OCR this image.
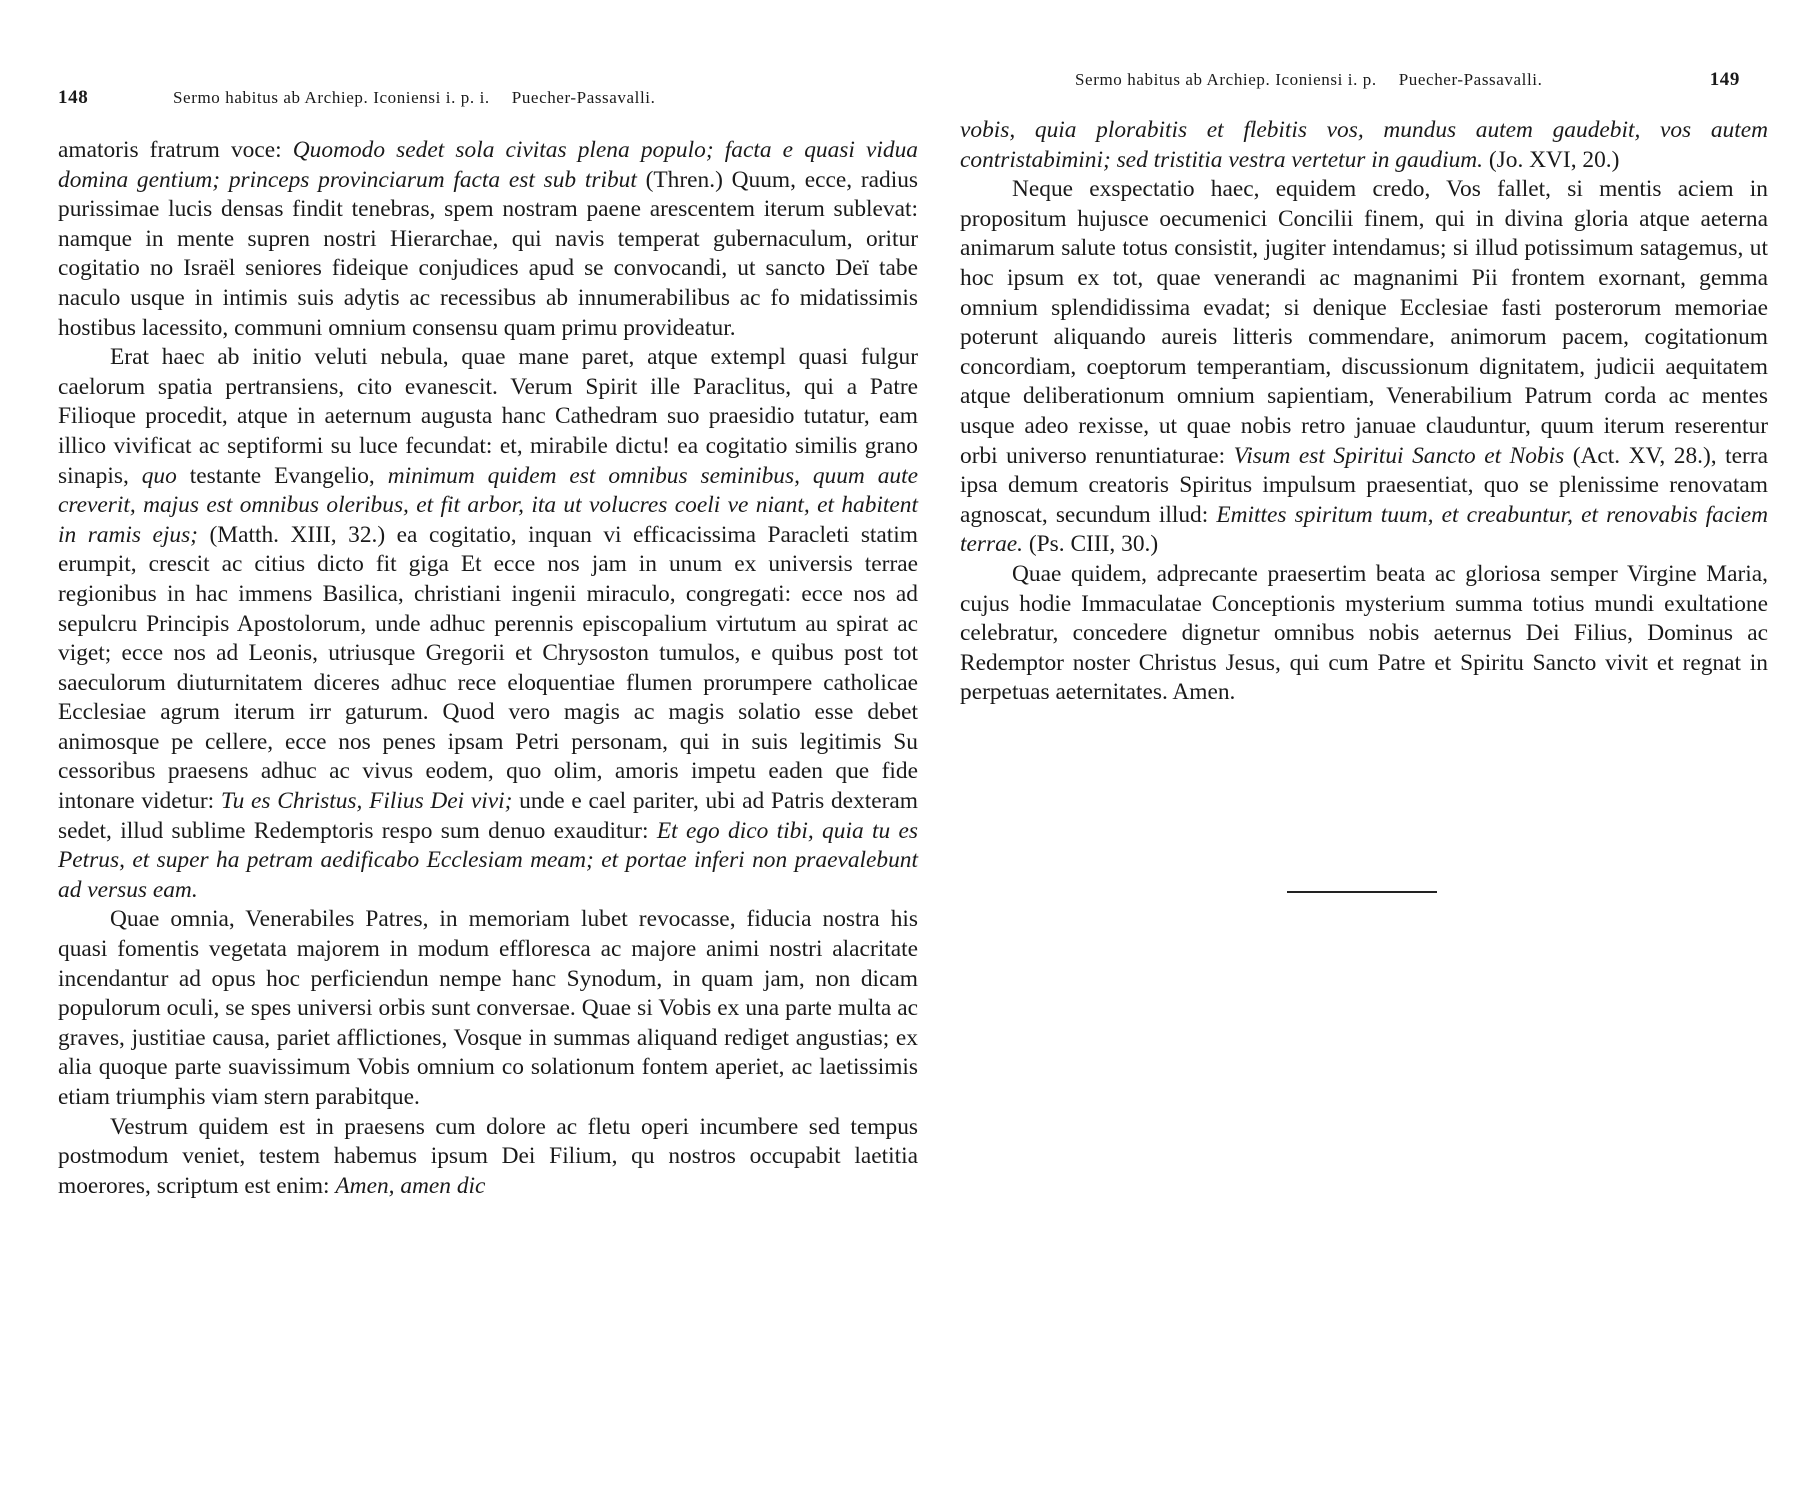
148	Sermo habitus ab Archiep. Iconiensi i. p. i. Puecher-Passavalli.

amatoris fratrum voce: Quomodo sedet sola civitas plena populo; facta e quasi vidua domina gentium; princeps provinciarum facta est sub tribut (Thren.) Quum, ecce, radius purissimae lucis densas findit tenebras, spem nostram paene arescentem iterum sublevat: namque in mente supren nostri Hierarchae, qui navis temperat gubernaculum, oritur cogitatio no Israël seniores fideique conjudices apud se convocandi, ut sancto Deï tabe naculo usque in intimis suis adytis ac recessibus ab innumerabilibus ac fo midatissimis hostibus lacessito, communi omnium consensu quam primu provideatur.

Erat haec ab initio veluti nebula, quae mane paret, atque extempl quasi fulgur caelorum spatia pertransiens, cito evanescit. Verum Spirit ille Paraclitus, qui a Patre Filioque procedit, atque in aeternum augusta hanc Cathedram suo praesidio tutatur, eam illico vivificat ac septiformi su luce fecundat: et, mirabile dictu! ea cogitatio similis grano sinapis, quo testante Evangelio, minimum quidem est omnibus seminibus, quum aute creverit, majus est omnibus oleribus, et fit arbor, ita ut volucres coeli ve niant, et habitent in ramis ejus; (Matth. XIII, 32.) ea cogitatio, inquan vi efficacissima Paracleti statim erumpit, crescit ac citius dicto fit giga Et ecce nos jam in unum ex universis terrae regionibus in hac immens Basilica, christiani ingenii miraculo, congregati: ecce nos ad sepulcru Principis Apostolorum, unde adhuc perennis episcopalium virtutum au spirat ac viget; ecce nos ad Leonis, utriusque Gregorii et Chrysoston tumulos, e quibus post tot saeculorum diuturnitatem diceres adhuc rece eloquentiae flumen prorumpere catholicae Ecclesiae agrum iterum irr gaturum. Quod vero magis ac magis solatio esse debet animosque pe cellere, ecce nos penes ipsam Petri personam, qui in suis legitimis Su cessoribus praesens adhuc ac vivus eodem, quo olim, amoris impetu eaden que fide intonare videtur: Tu es Christus, Filius Dei vivi; unde e cael pariter, ubi ad Patris dexteram sedet, illud sublime Redemptoris respo sum denuo exauditur: Et ego dico tibi, quia tu es Petrus, et super ha petram aedificabo Ecclesiam meam; et portae inferi non praevalebunt ad versus eam.

Quae omnia, Venerabiles Patres, in memoriam lubet revocasse, fiducia nostra his quasi fomentis vegetata majorem in modum effloresca ac majore animi nostri alacritate incendantur ad opus hoc perficiendun nempe hanc Synodum, in quam jam, non dicam populorum oculi, se spes universi orbis sunt conversae. Quae si Vobis ex una parte multa ac graves, justitiae causa, pariet afflictiones, Vosque in summas aliquand rediget angustias; ex alia quoque parte suavissimum Vobis omnium co solationum fontem aperiet, ac laetissimis etiam triumphis viam stern parabitque.

Vestrum quidem est in praesens cum dolore ac fletu operi incumbere sed tempus postmodum veniet, testem habemus ipsum Dei Filium, qu nostros occupabit laetitia moerores, scriptum est enim: Amen, amen dic

Sermo habitus ab Archiep. Iconiensi i. p. Puecher-Passavalli.	149

vobis, quia plorabitis et flebitis vos, mundus autem gaudebit, vos autem contristabimini; sed tristitia vestra vertetur in gaudium. (Jo. XVI, 20.)

Neque exspectatio haec, equidem credo, Vos fallet, si mentis aciem in propositum hujusce oecumenici Concilii finem, qui in divina gloria atque aeterna animarum salute totus consistit, jugiter intendamus; si illud potissimum satagemus, ut hoc ipsum ex tot, quae venerandi ac magnanimi Pii frontem exornant, gemma omnium splendidissima evadat; si denique Ecclesiae fasti posterorum memoriae poterunt aliquando aureis litteris commendare, animorum pacem, cogitationum concordiam, coeptorum temperantiam, discussionum dignitatem, judicii aequitatem atque deliberationum omnium sapientiam, Venerabilium Patrum corda ac mentes usque adeo rexisse, ut quae nobis retro januae clauduntur, quum iterum reserentur orbi universo renuntiaturae: Visum est Spiritui Sancto et Nobis (Act. XV, 28.), terra ipsa demum creatoris Spiritus impulsum praesentiat, quo se plenissime renovatam agnoscat, secundum illud: Emittes spiritum tuum, et creabuntur, et renovabis faciem terrae. (Ps. CIII, 30.)

Quae quidem, adprecante praesertim beata ac gloriosa semper Virgine Maria, cujus hodie Immaculatae Conceptionis mysterium summa totius mundi exultatione celebratur, concedere dignetur omnibus nobis aeternus Dei Filius, Dominus ac Redemptor noster Christus Jesus, qui cum Patre et Spiritu Sancto vivit et regnat in perpetuas aeternitates. Amen.
